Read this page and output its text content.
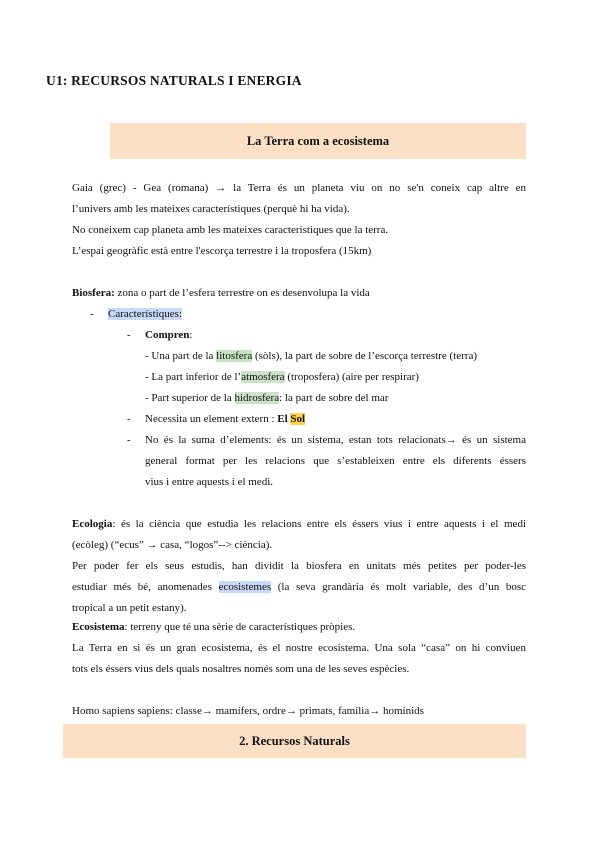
U1: RECURSOS NATURALS I ENERGIA
La Terra com a ecosistema
Gaia (grec) - Gea (romana) → la Terra és un planeta viu on no se'n coneix cap altre en
l’univers amb les mateixes característiques (perquè hi ha vida).
No coneixem cap planeta amb les mateixes característiques que la terra.
L’espai geogràfic està entre l'escorça terrestre i la troposfera (15km)
Biosfera: zona o part de l’esfera terrestre on es desenvolupa la vida
- Característiques:
- Compren:
- Una part de la litosfera (sòls), la part de sobre de l’escorça terrestre (terra)
- La part inferior de l’atmosfera (troposfera) (aire per respirar)
- Part superior de la hidrosfera: la part de sobre del mar
- Necessita un element extern : El Sol
- No és la suma d’elements: és un sistema, estan tots relacionats→ és un sistema
general format per les relacions que s’estableixen entre els diferents éssers
vius i entre aquests i el medi.
Ecologia: és la ciència que estudia les relacions entre els éssers vius i entre aquests i el medi
(ecòleg) (“ecus” → casa, “logos”--> ciència).
Per poder fer els seus estudis, han dividit la biosfera en unitats més petites per poder-les
estudiar més bé, anomenades ecosistemes (la seva grandària és molt variable, des d’un bosc
tropical a un petit estany).
Ecosistema: terreny que té una sèrie de característiques pròpies.
La Terra en si és un gran ecosistema, és el nostre ecosistema. Una sola “casa” on hi conviuen
tots els éssers vius dels quals nosaltres només som una de les seves espècies.
Homo sapiens sapiens: classe→ mamífers, ordre→ primats, família→ homínids
2. Recursos Naturals
